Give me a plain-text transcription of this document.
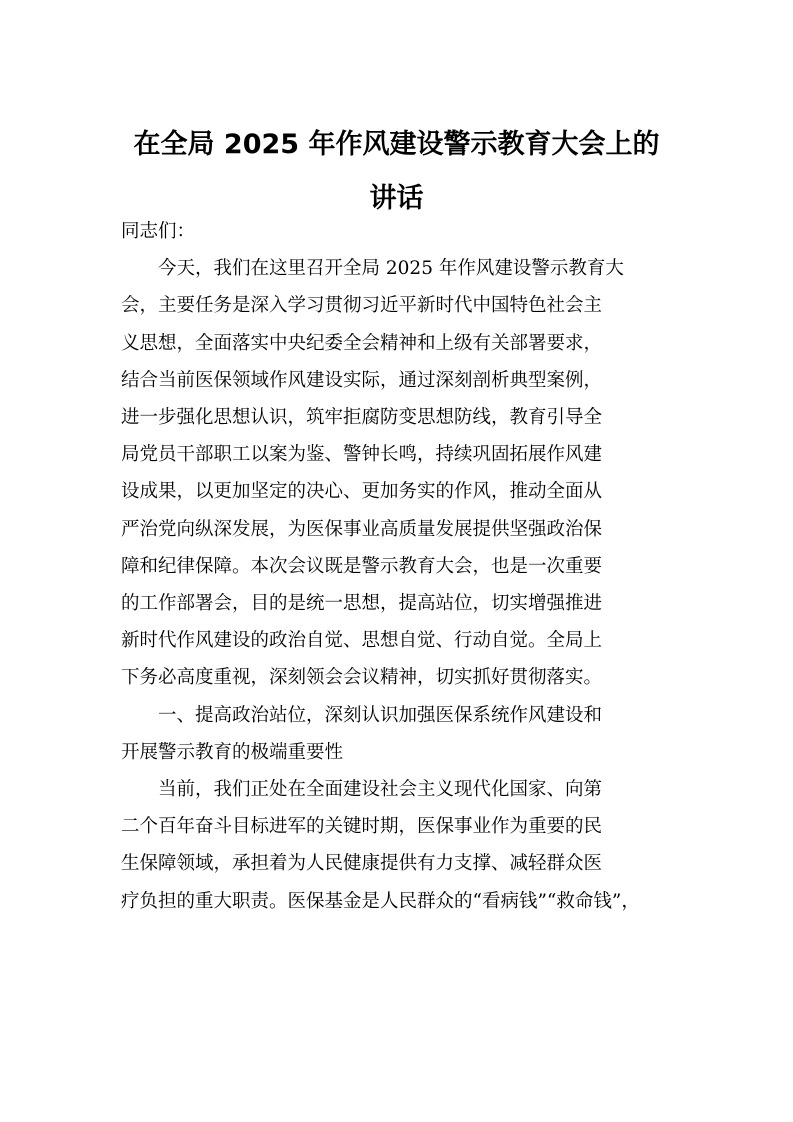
在全局 2025 年作风建设警示教育大会上的
讲话

同志们：

今天，我们在这里召开全局 2025 年作风建设警示教育大
会，主要任务是深入学习贯彻习近平新时代中国特色社会主
义思想，全面落实中央纪委全会精神和上级有关部署要求，
结合当前医保领域作风建设实际，通过深刻剖析典型案例，
进一步强化思想认识，筑牢拒腐防变思想防线，教育引导全
局党员干部职工以案为鉴、警钟长鸣，持续巩固拓展作风建
设成果，以更加坚定的决心、更加务实的作风，推动全面从
严治党向纵深发展，为医保事业高质量发展提供坚强政治保
障和纪律保障。本次会议既是警示教育大会，也是一次重要
的工作部署会，目的是统一思想，提高站位，切实增强推进
新时代作风建设的政治自觉、思想自觉、行动自觉。全局上
下务必高度重视，深刻领会会议精神，切实抓好贯彻落实。

一、提高政治站位，深刻认识加强医保系统作风建设和
开展警示教育的极端重要性

当前，我们正处在全面建设社会主义现代化国家、向第
二个百年奋斗目标进军的关键时期，医保事业作为重要的民
生保障领域，承担着为人民健康提供有力支撑、减轻群众医
疗负担的重大职责。医保基金是人民群众的“看病钱”“救命钱”，
